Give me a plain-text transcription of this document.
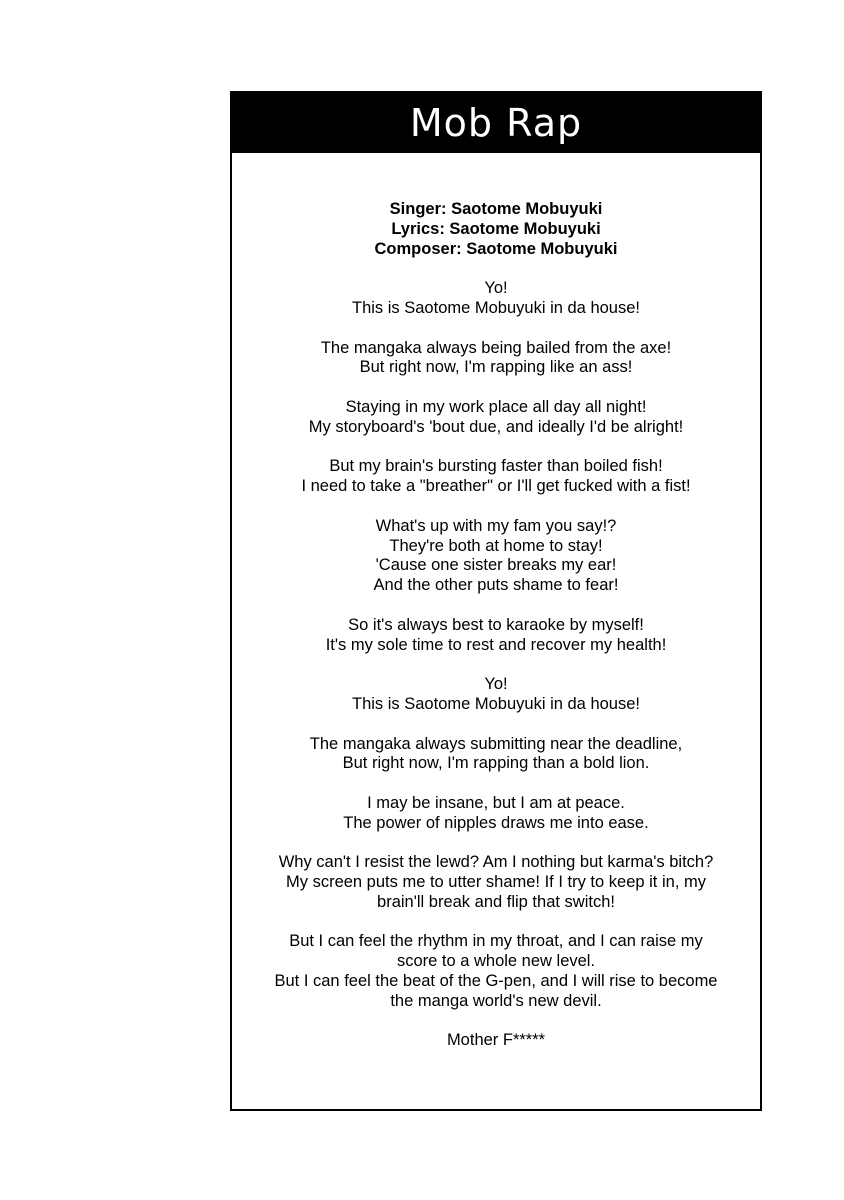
Mob Rap
Singer: Saotome Mobuyuki
Lyrics: Saotome Mobuyuki
Composer: Saotome Mobuyuki
Yo!
This is Saotome Mobuyuki in da house!
The mangaka always being bailed from the axe!
But right now, I'm rapping like an ass!
Staying in my work place all day all night!
My storyboard's 'bout due, and ideally I'd be alright!
But my brain's bursting faster than boiled fish!
I need to take a "breather" or I'll get fucked with a fist!
What's up with my fam you say!?
They're both at home to stay!
'Cause one sister breaks my ear!
And the other puts shame to fear!
So it's always best to karaoke by myself!
It's my sole time to rest and recover my health!
Yo!
This is Saotome Mobuyuki in da house!
The mangaka always submitting near the deadline,
But right now, I'm rapping than a bold lion.
I may be insane, but I am at peace.
The power of nipples draws me into ease.
Why can't I resist the lewd? Am I nothing but karma's bitch?
My screen puts me to utter shame! If I try to keep it in, my
brain'll break and flip that switch!
But I can feel the rhythm in my throat, and I can raise my
score to a whole new level.
But I can feel the beat of the G-pen, and I will rise to become
the manga world's new devil.
Mother F*****
